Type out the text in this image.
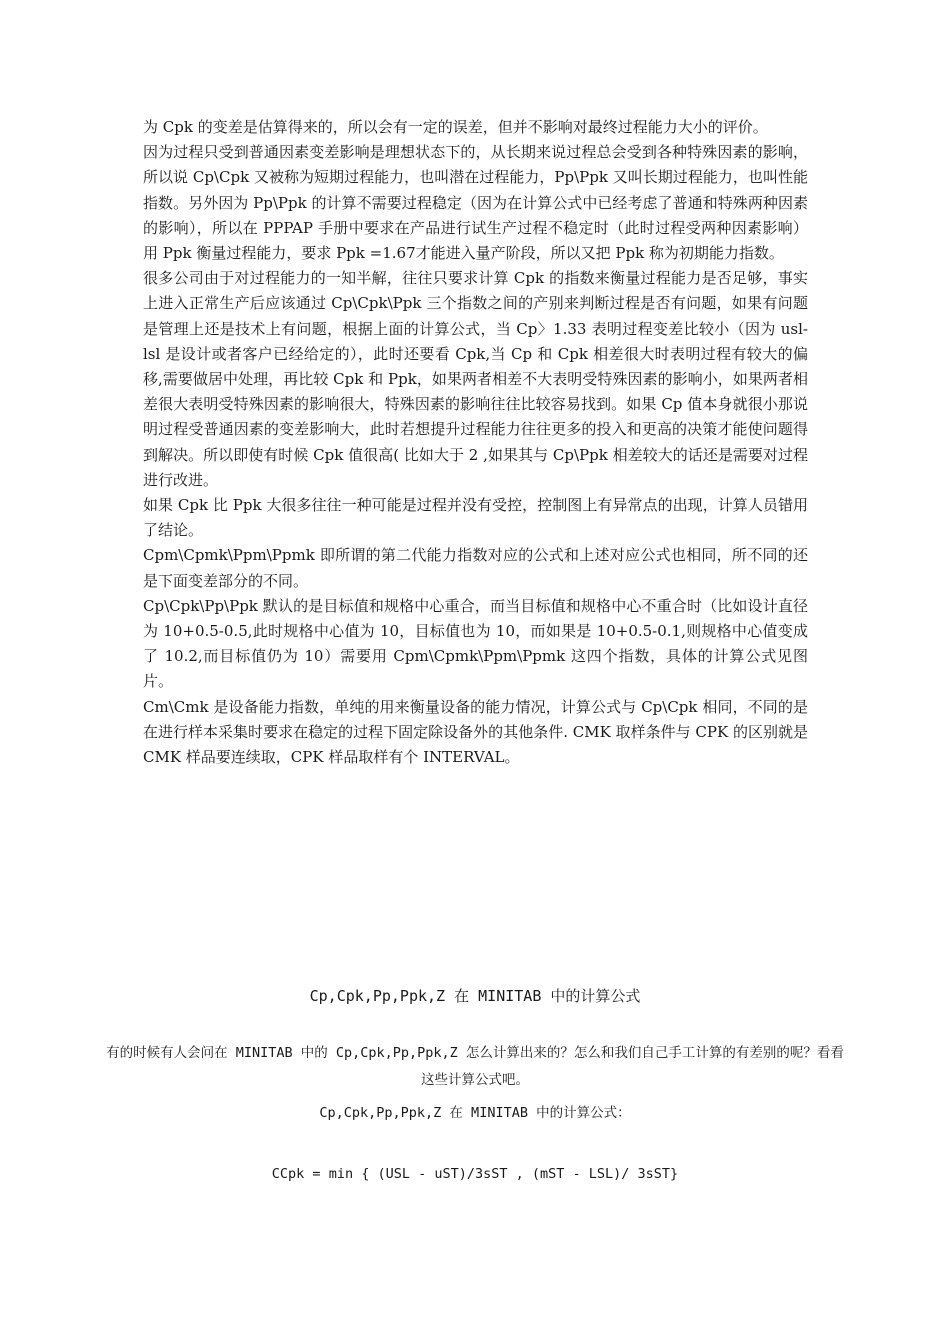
为 Cpk 的变差是估算得来的，所以会有一定的误差，但并不影响对最终过程能力大小的评价。

因为过程只受到普通因素变差影响是理想状态下的，从长期来说过程总会受到各种特殊因素的影响，所以说 Cp\Cpk 又被称为短期过程能力，也叫潜在过程能力，Pp\Ppk 又叫长期过程能力，也叫性能指数。另外因为 Pp\Ppk 的计算不需要过程稳定（因为在计算公式中已经考虑了普通和特殊两种因素的影响），所以在 PPPAP 手册中要求在产品进行试生产过程不稳定时（此时过程受两种因素影响）用 Ppk 衡量过程能力，要求 Ppk =1.67才能进入量产阶段，所以又把 Ppk 称为初期能力指数。

很多公司由于对过程能力的一知半解，往往只要求计算 Cpk 的指数来衡量过程能力是否足够，事实上进入正常生产后应该通过 Cp\Cpk\Ppk 三个指数之间的产别来判断过程是否有问题，如果有问题是管理上还是技术上有问题，根据上面的计算公式，当 Cp〉1.33 表明过程变差比较小（因为 usl-lsl 是设计或者客户已经给定的），此时还要看 Cpk,当 Cp 和 Cpk 相差很大时表明过程有较大的偏移,需要做居中处理，再比较 Cpk 和 Ppk，如果两者相差不大表明受特殊因素的影响小，如果两者相差很大表明受特殊因素的影响很大，特殊因素的影响往往比较容易找到。如果 Cp 值本身就很小那说明过程受普通因素的变差影响大，此时若想提升过程能力往往更多的投入和更高的决策才能使问题得到解决。所以即使有时候 Cpk 值很高( 比如大于 2 ,如果其与 Cp\Ppk 相差较大的话还是需要对过程进行改进。

如果 Cpk 比 Ppk 大很多往往一种可能是过程并没有受控，控制图上有异常点的出现，计算人员错用了结论。

Cpm\Cpmk\Ppm\Ppmk 即所谓的第二代能力指数对应的公式和上述对应公式也相同，所不同的还是下面变差部分的不同。

Cp\Cpk\Pp\Ppk 默认的是目标值和规格中心重合，而当目标值和规格中心不重合时（比如设计直径为 10+0.5-0.5,此时规格中心值为 10，目标值也为 10，而如果是 10+0.5-0.1,则规格中心值变成了 10.2,而目标值仍为 10）需要用 Cpm\Cpmk\Ppm\Ppmk 这四个指数，具体的计算公式见图片。

Cm\Cmk 是设备能力指数，单纯的用来衡量设备的能力情况，计算公式与 Cp\Cpk 相同，不同的是在进行样本采集时要求在稳定的过程下固定除设备外的其他条件. CMK 取样条件与 CPK 的区别就是 CMK 样品要连续取，CPK 样品取样有个 INTERVAL。

Cp,Cpk,Pp,Ppk,Z 在 MINITAB 中的计算公式
有的时候有人会问在 MINITAB 中的 Cp,Cpk,Pp,Ppk,Z 怎么计算出来的？怎么和我们自己手工计算的有差别的呢？看看这些计算公式吧。
Cp,Cpk,Pp,Ppk,Z 在 MINITAB 中的计算公式：
CCpk = min { (USL - uST)/3sST , (mST - LSL)/ 3sST}
